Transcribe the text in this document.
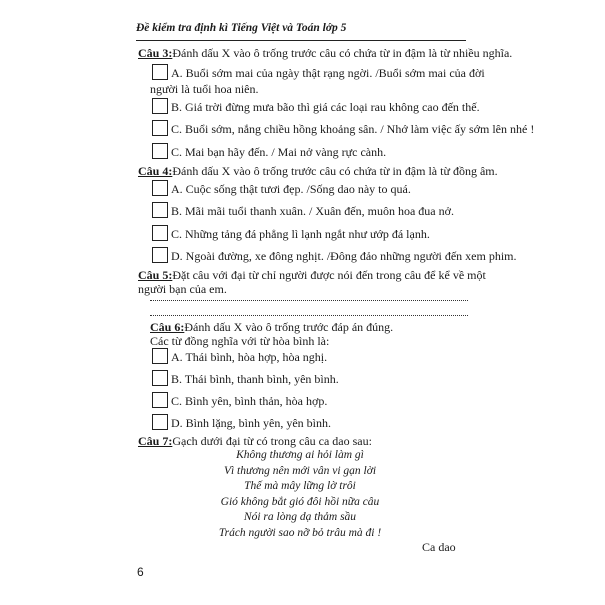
Đề kiểm tra định kì Tiếng Việt và Toán lớp 5
Câu 3:Đánh dấu X vào ô trống trước câu có chứa từ in đậm là từ nhiều nghĩa.
A. Buổi sớm mai của ngày thật rạng ngời. /Buổi sớm mai của đời
người là tuổi hoa niên.
B. Giá trời đừng mưa bão thì giá các loại rau không cao đến thế.
C. Buổi sớm, nắng chiều hồng khoảng sân. / Nhớ làm việc ấy sớm lên nhé !
C. Mai bạn hãy đến. / Mai nở vàng rực cành.
Câu 4:Đánh dấu X vào ô trống trước câu có chứa từ in đậm là từ đồng âm.
A. Cuộc sống thật tươi đẹp. /Sống dao này to quá.
B. Mãi mãi tuổi thanh xuân. / Xuân đến, muôn hoa đua nở.
C. Những tảng đá phẳng lì lạnh ngắt như ướp đá lạnh.
D. Ngoài đường, xe đông nghịt. /Đông đảo những người đến xem phim.
Câu 5:Đặt câu với đại từ chỉ người được nói đến trong câu để kể về một
người bạn của em.
Câu 6:Đánh dấu X vào ô trống trước đáp án đúng.
Các từ đồng nghĩa với từ hòa bình là:
A. Thái bình, hòa hợp, hòa nghị.
B. Thái bình, thanh bình, yên bình.
C. Bình yên, bình thản, hòa hợp.
D. Bình lặng, bình yên, yên bình.
Câu 7:Gạch dưới đại từ có trong câu ca dao sau:
Không thương ai hỏi làm gì
Vì thương nên mới vân vi gạn lời
Thế mà mây lững lờ trôi
Gió không bắt gió đôi hồi nữa câu
Nói ra lòng dạ thảm sầu
Trách người sao nỡ bỏ trâu mà đi !
Ca dao
6
